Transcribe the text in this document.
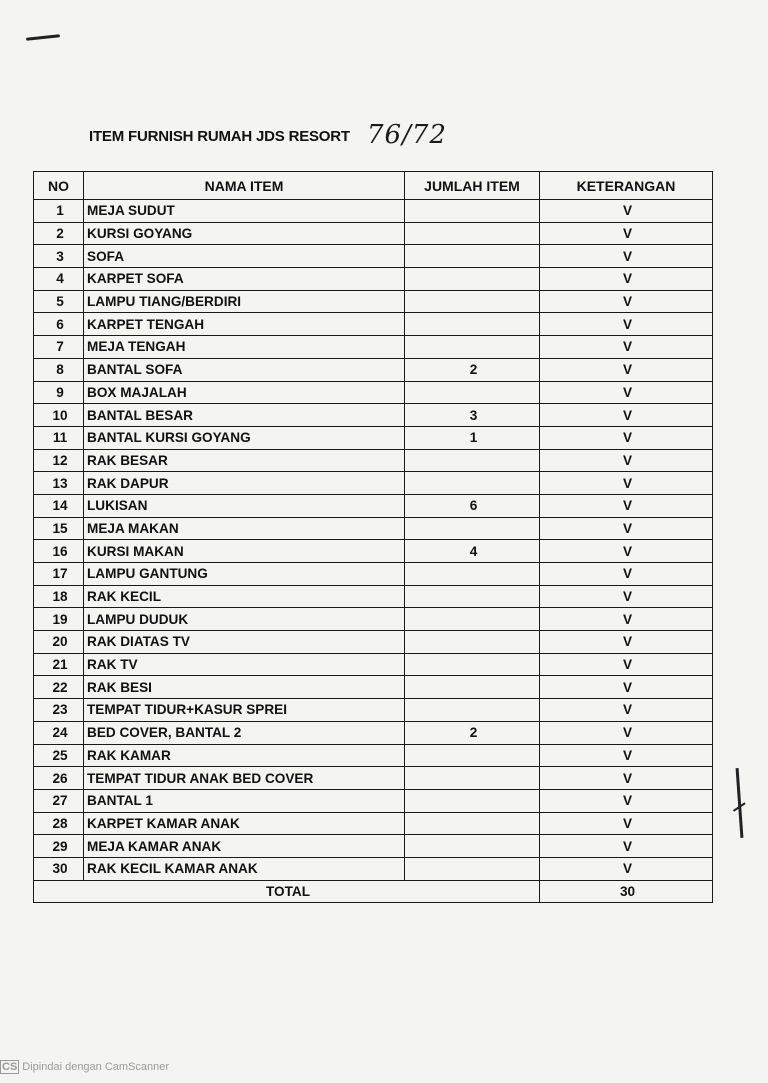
ITEM FURNISH RUMAH JDS RESORT 76/72
NO	NAMA ITEM	JUMLAH ITEM	KETERANGAN
1	MEJA SUDUT		V
2	KURSI GOYANG		V
3	SOFA		V
4	KARPET SOFA		V
5	LAMPU TIANG/BERDIRI		V
6	KARPET TENGAH		V
7	MEJA TENGAH		V
8	BANTAL SOFA	2	V
9	BOX MAJALAH		V
10	BANTAL BESAR	3	V
11	BANTAL KURSI GOYANG	1	V
12	RAK BESAR		V
13	RAK DAPUR		V
14	LUKISAN	6	V
15	MEJA MAKAN		V
16	KURSI MAKAN	4	V
17	LAMPU GANTUNG		V
18	RAK KECIL		V
19	LAMPU DUDUK		V
20	RAK DIATAS TV		V
21	RAK TV		V
22	RAK BESI		V
23	TEMPAT TIDUR+KASUR SPREI		V
24	BED COVER, BANTAL 2	2	V
25	RAK KAMAR		V
26	TEMPAT TIDUR ANAK BED COVER		V
27	BANTAL 1		V
28	KARPET KAMAR ANAK		V
29	MEJA KAMAR ANAK		V
30	RAK KECIL KAMAR ANAK		V
TOTAL			30
CS Dipindai dengan CamScanner
